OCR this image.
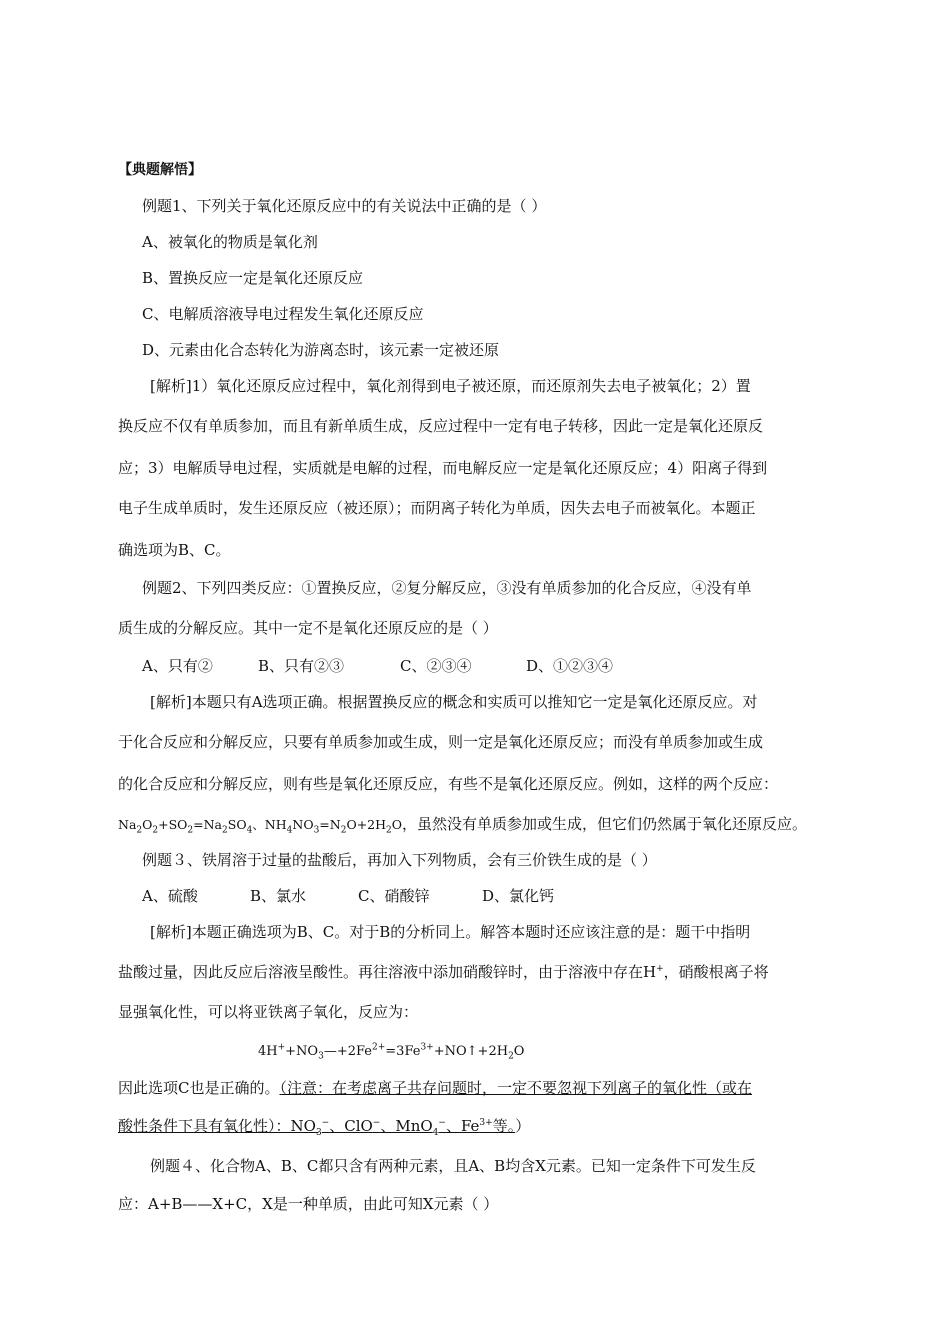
【典题解悟】
例题1、下列关于氧化还原反应中的有关说法中正确的是（ ）
A、被氧化的物质是氧化剂
B、置换反应一定是氧化还原反应
C、电解质溶液导电过程发生氧化还原反应
D、元素由化合态转化为游离态时，该元素一定被还原
[解析]1）氧化还原反应过程中，氧化剂得到电子被还原，而还原剂失去电子被氧化；2）置
换反应不仅有单质参加，而且有新单质生成，反应过程中一定有电子转移，因此一定是氧化还原反
应；3）电解质导电过程，实质就是电解的过程，而电解反应一定是氧化还原反应；4）阳离子得到
电子生成单质时，发生还原反应（被还原）；而阴离子转化为单质，因失去电子而被氧化。本题正
确选项为B、C。
例题2、下列四类反应：①置换反应，②复分解反应，③没有单质参加的化合反应，④没有单
质生成的分解反应。其中一定不是氧化还原反应的是（ ）
A、只有②	B、只有②③	C、②③④	D、①②③④
[解析]本题只有A选项正确。根据置换反应的概念和实质可以推知它一定是氧化还原反应。对
于化合反应和分解反应，只要有单质参加或生成，则一定是氧化还原反应；而没有单质参加或生成
的化合反应和分解反应，则有些是氧化还原反应，有些不是氧化还原反应。例如，这样的两个反应：
$Na_2O_2+SO_2=Na_2SO_4$、$NH_4NO_3=N_2O+2H_2O$，虽然没有单质参加或生成，但它们仍然属于氧化还原反应。
例题３、铁屑溶于过量的盐酸后，再加入下列物质，会有三价铁生成的是（ ）
A、硫酸	B、氯水	C、硝酸锌	D、氯化钙
[解析]本题正确选项为B、C。对于B的分析同上。解答本题时还应该注意的是：题干中指明
盐酸过量，因此反应后溶液呈酸性。再往溶液中添加硝酸锌时，由于溶液中存在H+，硝酸根离子将
显强氧化性，可以将亚铁离子氧化，反应为：
$4H^++NO_3—+2Fe^{2+}=3Fe^{3+}+NO↑+2H_2O$
因此选项C也是正确的。（注意：在考虑离子共存问题时，一定不要忽视下列离子的氧化性（或在
酸性条件下具有氧化性）：$NO_3^-$、ClO−、MnO$_4$−、$Fe^{3+}$等。）
例题４、化合物A、B、C都只含有两种元素，且A、B均含X元素。已知一定条件下可发生反
应：A+B——X+C，X是一种单质，由此可知X元素（ ）
